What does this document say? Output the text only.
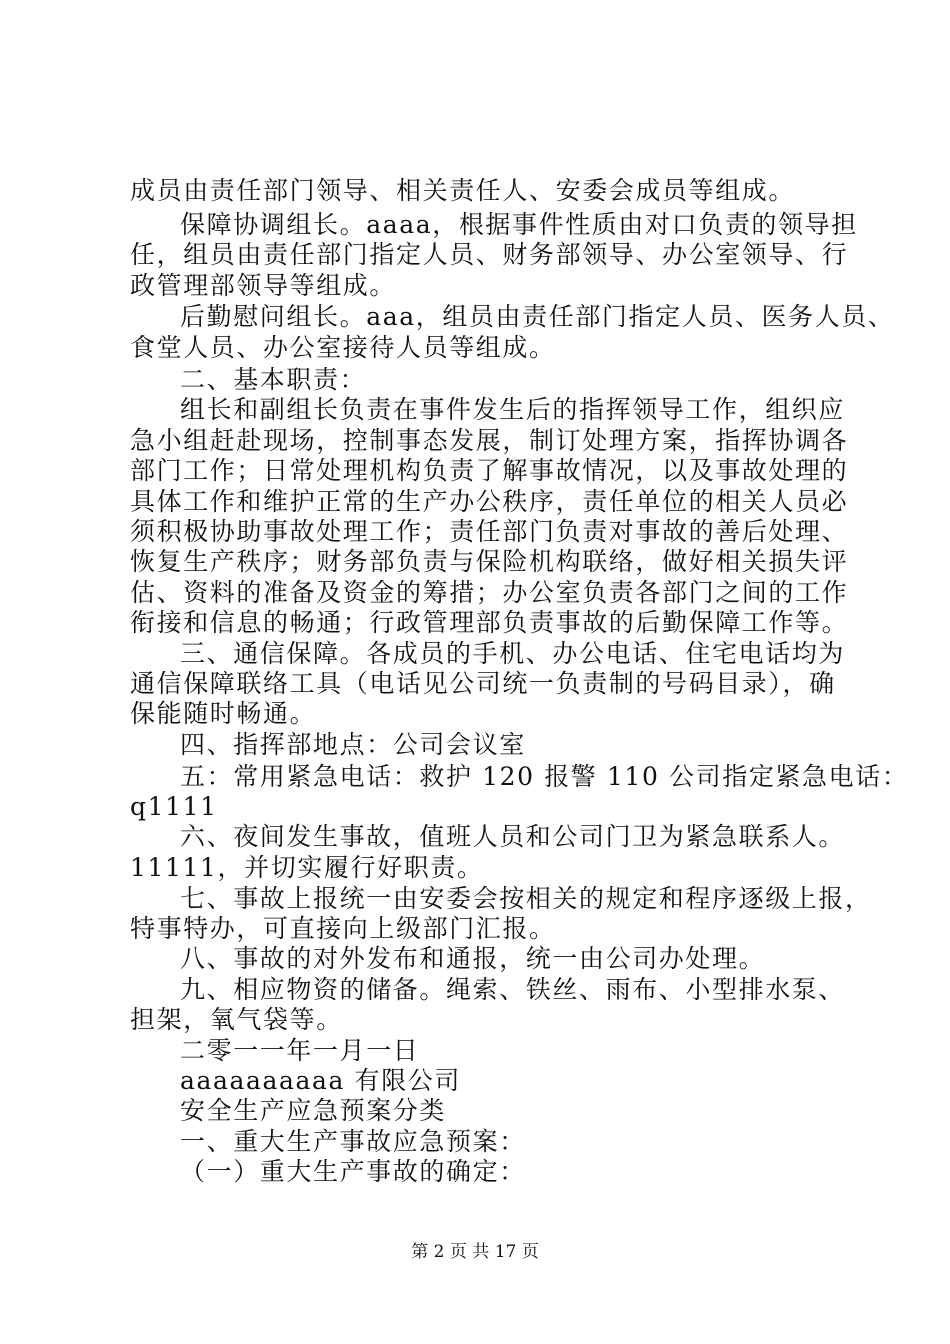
成员由责任部门领导、相关责任人、安委会成员等组成。
保障协调组长。aaaa，根据事件性质由对口负责的领导担
任，组员由责任部门指定人员、财务部领导、办公室领导、行
政管理部领导等组成。
后勤慰问组长。aaa，组员由责任部门指定人员、医务人员、
食堂人员、办公室接待人员等组成。
二、基本职责：
组长和副组长负责在事件发生后的指挥领导工作，组织应
急小组赶赴现场，控制事态发展，制订处理方案，指挥协调各
部门工作；日常处理机构负责了解事故情况，以及事故处理的
具体工作和维护正常的生产办公秩序，责任单位的相关人员必
须积极协助事故处理工作；责任部门负责对事故的善后处理、
恢复生产秩序；财务部负责与保险机构联络，做好相关损失评
估、资料的准备及资金的筹措；办公室负责各部门之间的工作
衔接和信息的畅通；行政管理部负责事故的后勤保障工作等。
三、通信保障。各成员的手机、办公电话、住宅电话均为
通信保障联络工具（电话见公司统一负责制的号码目录），确
保能随时畅通。
四、指挥部地点：公司会议室
五：常用紧急电话：救护 120 报警 110 公司指定紧急电话：
q1111
六、夜间发生事故，值班人员和公司门卫为紧急联系人。
11111，并切实履行好职责。
七、事故上报统一由安委会按相关的规定和程序逐级上报，
特事特办，可直接向上级部门汇报。
八、事故的对外发布和通报，统一由公司办处理。
九、相应物资的储备。绳索、铁丝、雨布、小型排水泵、
担架，氧气袋等。
二零一一年一月一日
aaaaaaaaaa 有限公司
安全生产应急预案分类
一、重大生产事故应急预案：
（一）重大生产事故的确定：
第 2 页 共 17 页
